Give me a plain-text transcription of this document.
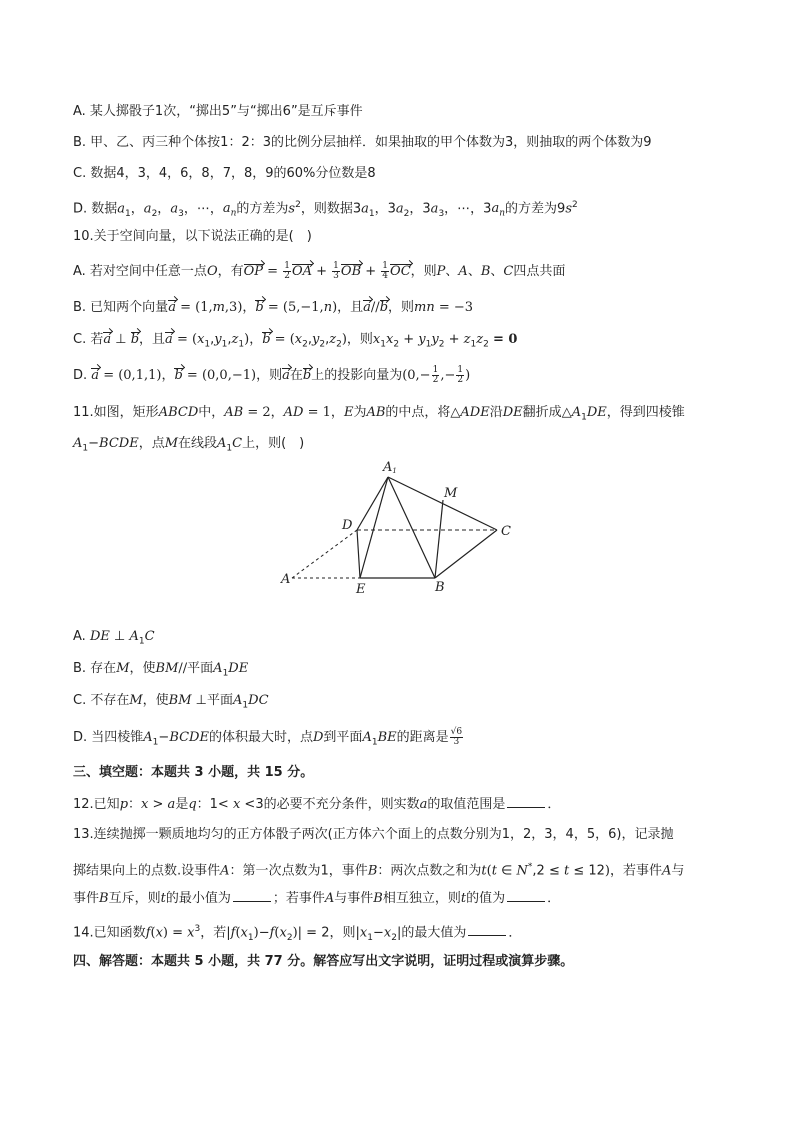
A. 某人掷骰子1次，“掷出5”与“掷出6”是互斥事件
B. 甲、乙、丙三种个体按1：2：3的比例分层抽样．如果抽取的甲个体数为3，则抽取的两个体数为9
C. 数据4，3，4，6，8，7，8，9的60%分位数是8
D. 数据$a_1$，$a_2$，$a_3$，⋯，$a_n$的方差为$s^2$，则数据$3a_1$，$3a_2$，$3a_3$，⋯，$3a_n$的方差为$9s^2$
10.关于空间向量，以下说法正确的是(　)
A. 若对空间中任意一点O，有OP = $\frac{1}{2}$ OA + $\frac{1}{3}$ OB + $\frac{1}{4}$ OC，则P、A、B、C四点共面
B. 已知两个向量a = (1,m,3)，b = (5,−1,n)，且a//b，则mn = −3
C. 若a ⊥ b，且$a = (x_1,y_1,z_1)$，$b = (x_2,y_2,z_2)$，则$x_1x_2 + y_1y_2 + z_1z_2 = 0$
D. a = (0,1,1)，b = (0,0,−1)，则a在b上的投影向量为($0,- \frac{1}{2}$ ,− $\frac{1}{2}$ )
11.如图，矩形ABCD中，AB = 2，AD = 1，E为AB的中点，将△ADE沿DE翻折成$\triangle A_1DE$，得到四棱锥
$A_1-BCDE$，点M在线段$A_1C$上，则(　)
A1
M
D	C
A
E	B
A. DE ⊥ $A_1C$
B. 存在M，使BM//平面$A_1DE$
C. 不存在M，使BM ⊥平面$A_1DC$
D. 当四棱锥$A_1-BCDE$的体积最大时，点D到平面$A_1BE$的距离是 $\frac{√6}{3}$
三、填空题：本题共 3 小题，共 15 分。
12.已知p：x > a是q：1< x <3的必要不充分条件，则实数a的取值范围是	．
13.连续抛掷一颗质地均匀的正方体骰子两次(正方体六个面上的点数分别为1，2，3，4，5，6)，记录抛
掷结果向上的点数.设事件A：第一次点数为1，事件B：两次点数之和为t(t ∈ N*,2 ≤ t ≤ 12)，若事件A与
事件B互斥，则t的最小值为	；若事件A与事件B相互独立，则t的值为	．
14.已知函数$f(x) = x^3$，若$|f(x_1)-f(x_2)| = 2$，则$|x_1-x_2|$的最大值为	．
四、解答题：本题共 5 小题，共 77 分。解答应写出文字说明，证明过程或演算步骤。
